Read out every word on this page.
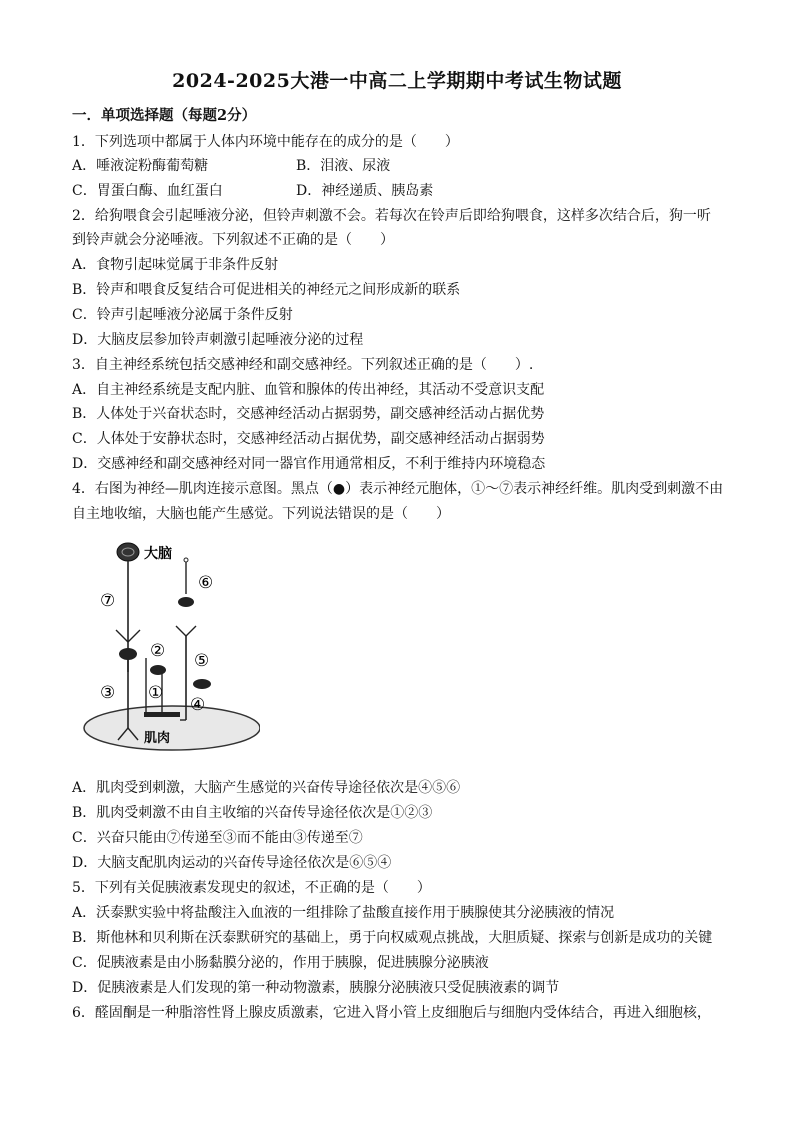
2024-2025大港一中高二上学期期中考试生物试题
一．单项选择题（每题2分）
1．下列选项中都属于人体内环境中能存在的成分的是（　　）
A．唾液淀粉酶葡萄糖	B．泪液、尿液
C．胃蛋白酶、血红蛋白	D．神经递质、胰岛素
2．给狗喂食会引起唾液分泌，但铃声刺激不会。若每次在铃声后即给狗喂食，这样多次结合后，狗一听
到铃声就会分泌唾液。下列叙述不正确的是（　　）
A．食物引起味觉属于非条件反射
B．铃声和喂食反复结合可促进相关的神经元之间形成新的联系
C．铃声引起唾液分泌属于条件反射
D．大脑皮层参加铃声刺激引起唾液分泌的过程
3．自主神经系统包括交感神经和副交感神经。下列叙述正确的是（　　）.
A．自主神经系统是支配内脏、血管和腺体的传出神经，其活动不受意识支配
B．人体处于兴奋状态时，交感神经活动占据弱势，副交感神经活动占据优势
C．人体处于安静状态时，交感神经活动占据优势，副交感神经活动占据弱势
D．交感神经和副交感神经对同一器官作用通常相反，不利于维持内环境稳态
4．右图为神经—肌肉连接示意图。黑点（●）表示神经元胞体，①～⑦表示神经纤维。肌肉受到刺激不由
自主地收缩，大脑也能产生感觉。下列说法错误的是（　　）
大脑
肌肉
⑦
⑥
② ⑤
③ ①
④
A．肌肉受到刺激，大脑产生感觉的兴奋传导途径依次是④⑤⑥
B．肌肉受刺激不由自主收缩的兴奋传导途径依次是①②③
C．兴奋只能由⑦传递至③而不能由③传递至⑦
D．大脑支配肌肉运动的兴奋传导途径依次是⑥⑤④
5．下列有关促胰液素发现史的叙述，不正确的是（　　）
A．沃泰默实验中将盐酸注入血液的一组排除了盐酸直接作用于胰腺使其分泌胰液的情况
B．斯他林和贝利斯在沃泰默研究的基础上，勇于向权威观点挑战，大胆质疑、探索与创新是成功的关键
C．促胰液素是由小肠黏膜分泌的，作用于胰腺，促进胰腺分泌胰液
D．促胰液素是人们发现的第一种动物激素，胰腺分泌胰液只受促胰液素的调节
6．醛固酮是一种脂溶性肾上腺皮质激素，它进入肾小管上皮细胞后与细胞内受体结合，再进入细胞核，
